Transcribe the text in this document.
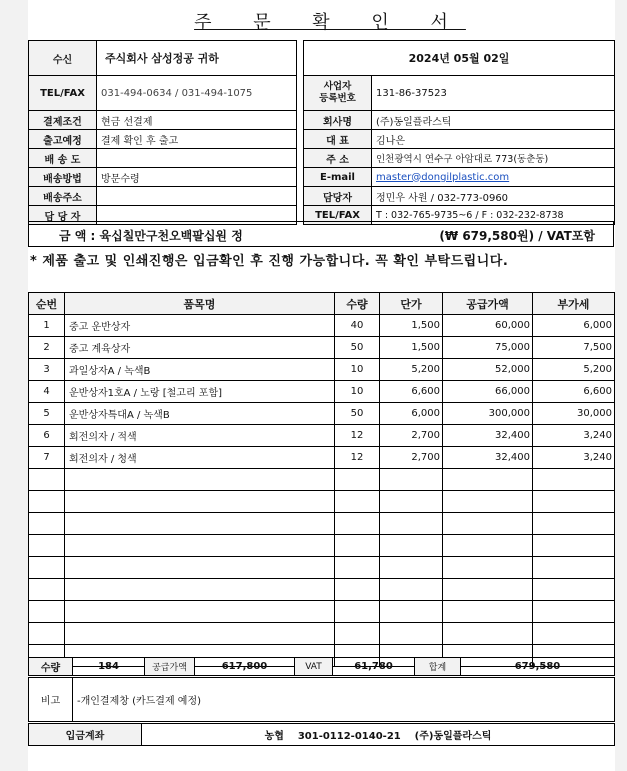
주 문 확 인 서
수신	주식회사 삼성정공 귀하
TEL/FAX	031-494-0634 / 031-494-1075
결제조건	현금 선결제
출고예정	결제 확인 후 출고
배 송 도	
배송방법	방문수령
배송주소	
담 당 자	
2024년 05월 02일	
사업자
등록번호	131-86-37523
회사명	(주)동일플라스틱
대 표	김나은
주 소	인천광역시 연수구 아암대로 773(동춘동)
E-mail	master@dongilplastic.com
담당자	정민우 사원 / 032-773-0960
TEL/FAX	T : 032-765-9735~6 / F : 032-232-8738
금 액 : 육십칠만구천오백팔십원 정	(₩ 679,580원) / VAT포함
* 제품 출고 및 인쇄진행은 입금확인 후 진행 가능합니다. 꼭 확인 부탁드립니다.
순번	품목명	수량	단가	공급가액	부가세
1	중고 운반상자	40	1,500	60,000	6,000
2	중고 계육상자	50	1,500	75,000	7,500
3	과일상자A / 녹색B	10	5,200	52,000	5,200
4	운반상자1호A / 노랑 [철고리 포함]	10	6,600	66,000	6,600
5	운반상자특대A / 녹색B	50	6,000	300,000	30,000
6	회전의자 / 적색	12	2,700	32,400	3,240
7	회전의자 / 청색	12	2,700	32,400	3,240

수량	184	공급가액	617,800	VAT	61,780	합계	679,580
비고	-개인결제창 (카드결제 예정)
입금계좌	농협    301-0112-0140-21    (주)동일플라스틱
